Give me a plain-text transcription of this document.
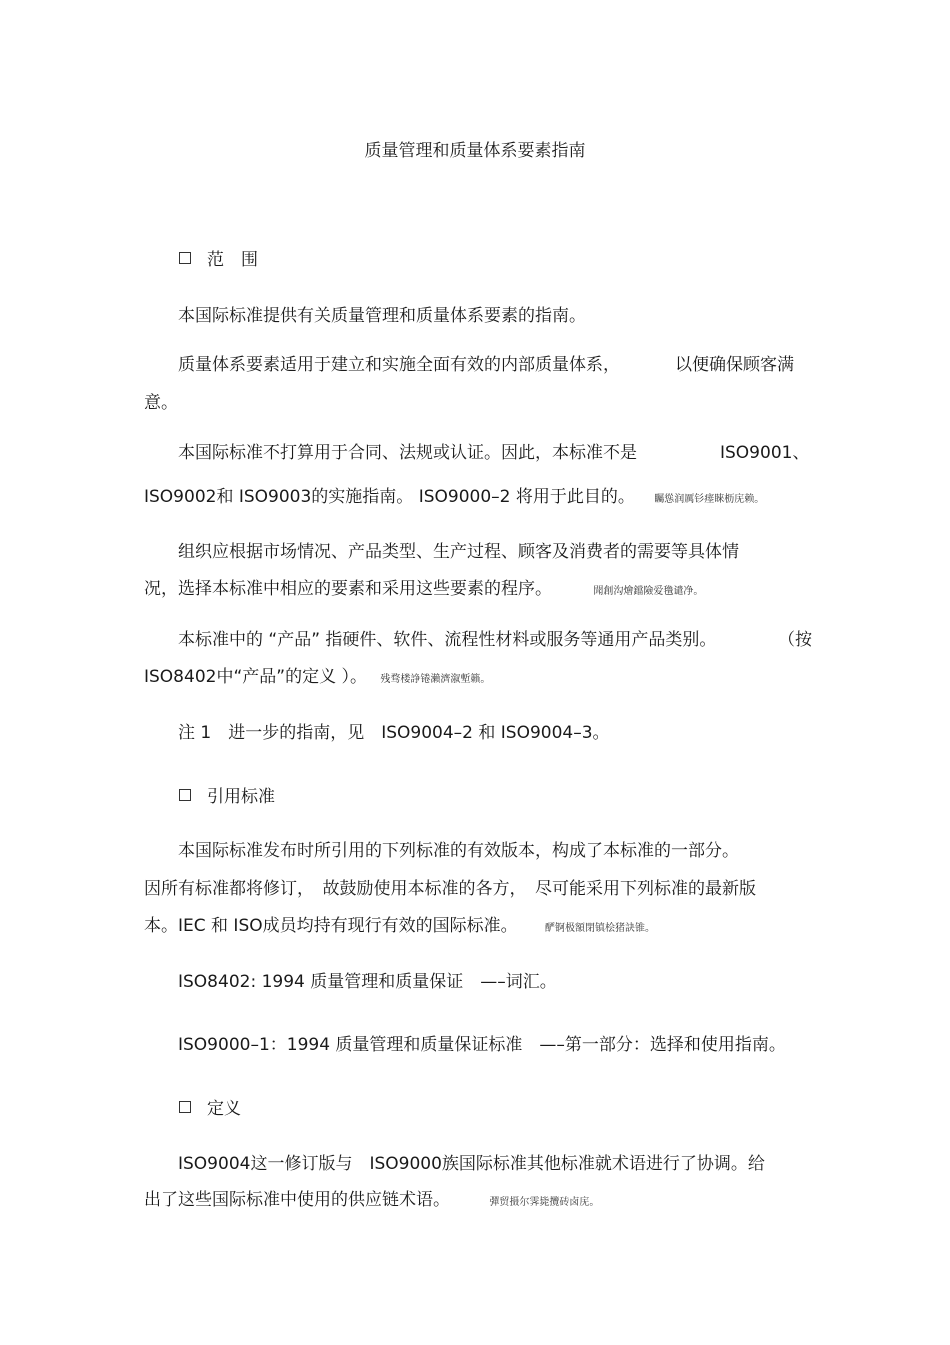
质量管理和质量体系要素指南
范　围
本国际标准提供有关质量管理和质量体系要素的指南。
质量体系要素适用于建立和实施全面有效的内部质量体系，	以便确保顾客满
意。
本国际标准不打算用于合同、法规或认证。因此，本标准不是	ISO9001、
ISO9002和 ISO9003的实施指南。 ISO9000–2 将用于此目的。 矚慫润厲钐瘗睞枥庑赖。
组织应根据市场情况、产品类型、生产过程、顾客及消费者的需要等具体情
况，选择本标准中相应的要素和采用这些要素的程序。	聞創沟燴鐺險爱氇谴净。
本标准中的 “产品” 指硬件、软件、流程性材料或服务等通用产品类别。	（按
ISO8402中“产品”的定义 ）。 残骛楼諍锩瀨濟溆塹籟。
注 1　进一步的指南，见　ISO9004–2 和 ISO9004–3。
引用标准
本国际标准发布时所引用的下列标准的有效版本，构成了本标准的一部分。
因所有标准都将修订，　故鼓励使用本标准的各方，　尽可能采用下列标准的最新版
本。IEC 和 ISO成员均持有现行有效的国际标准。	酽锕极額閉镇桧猪訣锥。
ISO8402: 1994 质量管理和质量保证　—–词汇。
ISO9000–1：1994 质量管理和质量保证标准　—–第一部分：选择和使用指南。
定义
ISO9004这一修订版与　ISO9000族国际标准其他标准就术语进行了协调。给
出了这些国际标准中使用的供应链术语。	彈贸摄尔霁毙攬砖卤庑。
